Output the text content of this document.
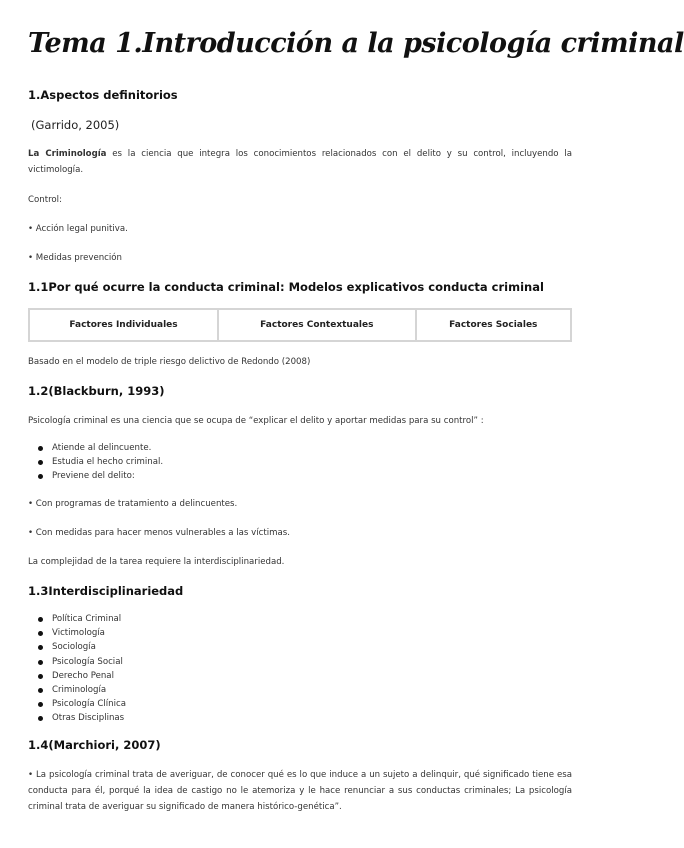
Tema 1.Introducción a la psicología criminal
1.Aspectos definitorios

(Garrido, 2005)

La Criminología es la ciencia que integra los conocimientos relacionados con el delito y su control, incluyendo la victimología.

Control:

• Acción legal punitiva.

• Medidas prevención

1.1Por qué ocurre la conducta criminal: Modelos explicativos conducta criminal
Factores Individuales	Factores Contextuales	Factores Sociales

Basado en el modelo de triple riesgo delictivo de Redondo (2008)

1.2(Blackburn, 1993)

Psicología criminal es una ciencia que se ocupa de “explicar el delito y aportar medidas para su control” :

Atiende al delincuente.
Estudia el hecho criminal.
Previene del delito:

• Con programas de tratamiento a delincuentes.

• Con medidas para hacer menos vulnerables a las víctimas.

La complejidad de la tarea requiere la interdisciplinariedad.

1.3Interdisciplinariedad
Política Criminal
Victimología
Sociología
Psicología Social
Derecho Penal
Criminología
Psicología Clínica
Otras Disciplinas
1.4(Marchiori, 2007)

• La psicología criminal trata de averiguar, de conocer qué es lo que induce a un sujeto a delinquir, qué significado tiene esa conducta para él, porqué la idea de castigo no le atemoriza y le hace renunciar a sus conductas criminales; La psicología criminal trata de averiguar su significado de manera histórico-genética”.
